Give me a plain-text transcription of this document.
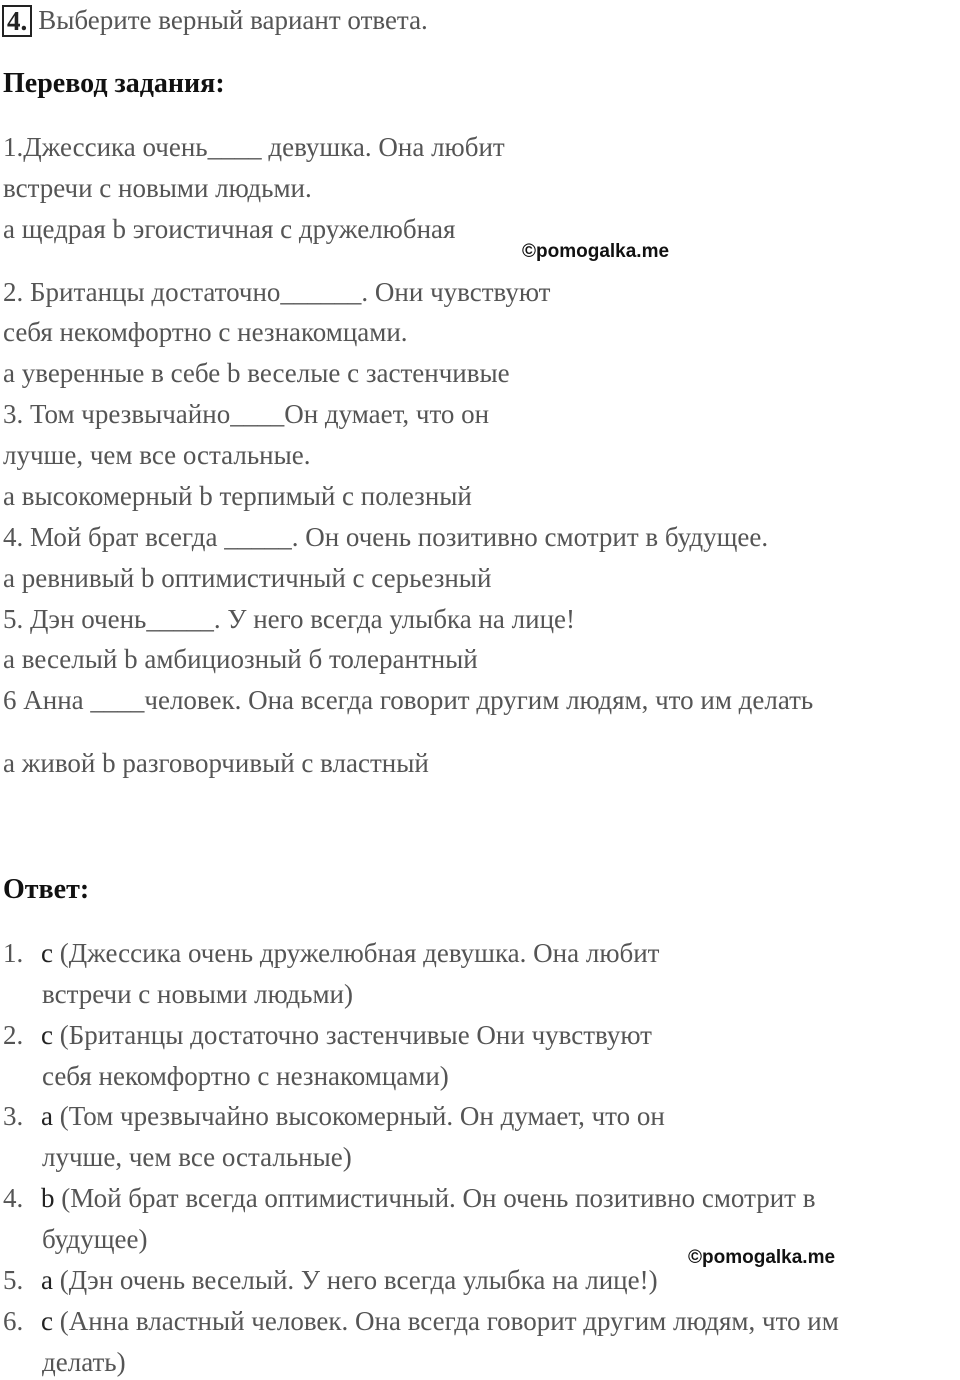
4. Выберите верный вариант ответа.
Перевод задания:
1.Джессика очень____ девушка. Она любит
встречи с новыми людьми.
a щедрая b эгоистичная c дружелюбная
©pomogalka.me
2. Британцы достаточно______. Они чувствуют
себя некомфортно с незнакомцами.
a уверенные в себе b веселые c застенчивые
3. Том чрезвычайно____Он думает, что он
лучше, чем все остальные.
a высокомерный b терпимый c полезный
4. Мой брат всегда _____. Он очень позитивно смотрит в будущее.
a ревнивый b оптимистичный c серьезный
5. Дэн очень_____. У него всегда улыбка на лице!
a веселый b амбициозный б толерантный
6 Анна ____человек. Она всегда говорит другим людям, что им делать
a живой b разговорчивый c властный
Ответ:
1. c (Джессика очень дружелюбная девушка. Она любит
встречи с новыми людьми)
2. c (Британцы достаточно застенчивые Они чувствуют
себя некомфортно с незнакомцами)
3. a (Том чрезвычайно высокомерный. Он думает, что он
лучше, чем все остальные)
4. b (Мой брат всегда оптимистичный. Он очень позитивно смотрит в
будущее)
©pomogalka.me
5. a (Дэн очень веселый. У него всегда улыбка на лице!)
6. c (Анна властный человек. Она всегда говорит другим людям, что им
делать)
